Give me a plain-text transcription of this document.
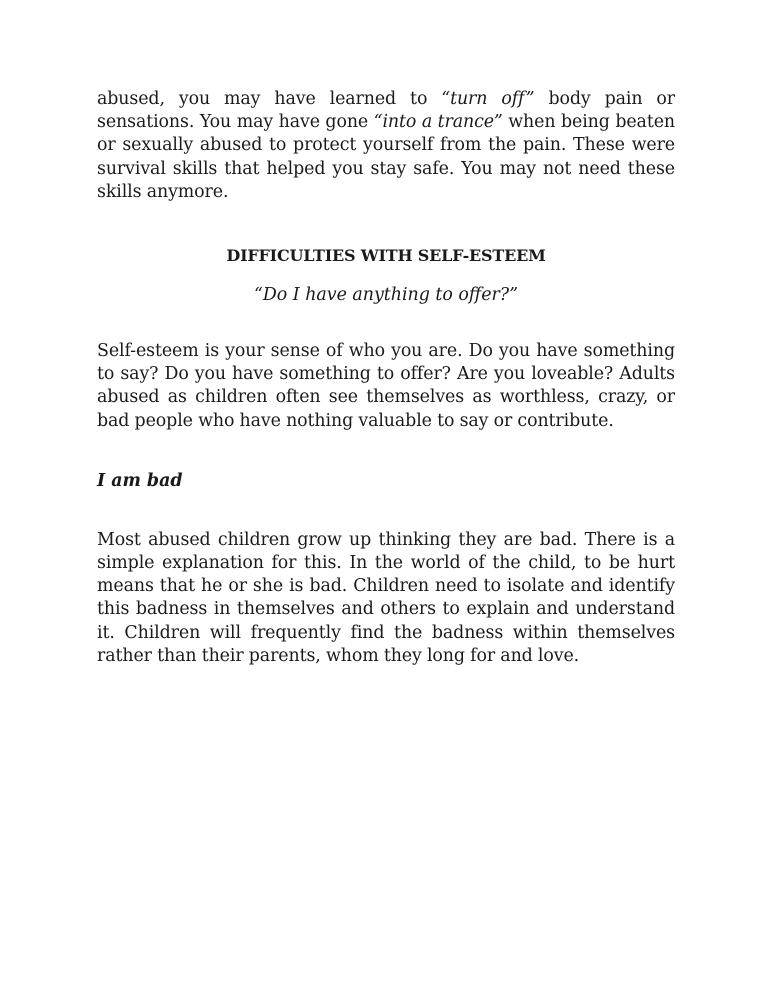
abused, you may have learned to “turn off” body pain or sensations. You may have gone “into a trance” when being beaten or sexually abused to protect yourself from the pain. These were survival skills that helped you stay safe. You may not need these skills anymore.

DIFFICULTIES WITH SELF-ESTEEM

“Do I have anything to offer?”

Self-esteem is your sense of who you are. Do you have something to say? Do you have something to offer? Are you loveable? Adults abused as children often see themselves as worthless, crazy, or bad people who have nothing valuable to say or contribute.

I am bad

Most abused children grow up thinking they are bad. There is a simple explanation for this. In the world of the child, to be hurt means that he or she is bad. Children need to isolate and identify this badness in themselves and others to explain and understand it. Children will frequently find the badness within themselves rather than their parents, whom they long for and love.
